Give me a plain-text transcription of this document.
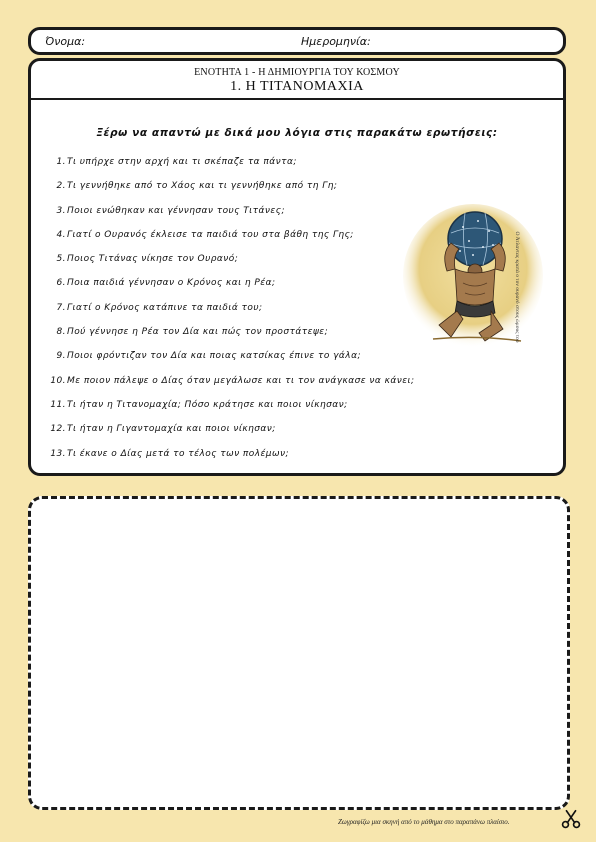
Όνομα:	Ημερομηνία:
ΕΝΟΤΗΤΑ 1 - Η ΔΗΜΙΟΥΡΓΙΑ ΤΟΥ ΚΟΣΜΟΥ
1. Η ΤΙΤΑΝΟΜΑΧΙΑ
Ξέρω να απαντώ με δικά μου λόγια στις παρακάτω ερωτήσεις:
1.Τι υπήρχε στην αρχή και τι σκέπαζε τα πάντα;
2.Τι γεννήθηκε από το Χάος και τι γεννήθηκε από τη Γη;
3.Ποιοι ενώθηκαν και γέννησαν τους Τιτάνες;
4.Γιατί ο Ουρανός έκλεισε τα παιδιά του στα βάθη της Γης;
5.Ποιος Τιτάνας νίκησε τον Ουρανό;
6.Ποια παιδιά γέννησαν ο Κρόνος και η Ρέα;
7.Γιατί ο Κρόνος κατάπινε τα παιδιά του;
8.Πού γέννησε η Ρέα τον Δία και πώς τον προστάτεψε;
9.Ποιοι φρόντιζαν τον Δία και ποιας κατσίκας έπινε το γάλα;
10.Με ποιον πάλεψε ο Δίας όταν μεγάλωσε και τι τον ανάγκασε να κάνει;
11.Τι ήταν η Τιτανομαχία; Πόσο κράτησε και ποιοι νίκησαν;
12.Τι ήταν η Γιγαντομαχία και ποιοι νίκησαν;
13.Τι έκανε ο Δίας μετά το τέλος των πολέμων;
Ο Άτλαντας κρατά ο τον ουρανό στους ώμους του
Ζωγραφίζω μια σκηνή από το μάθημα στο παραπάνω πλαίσιο.
